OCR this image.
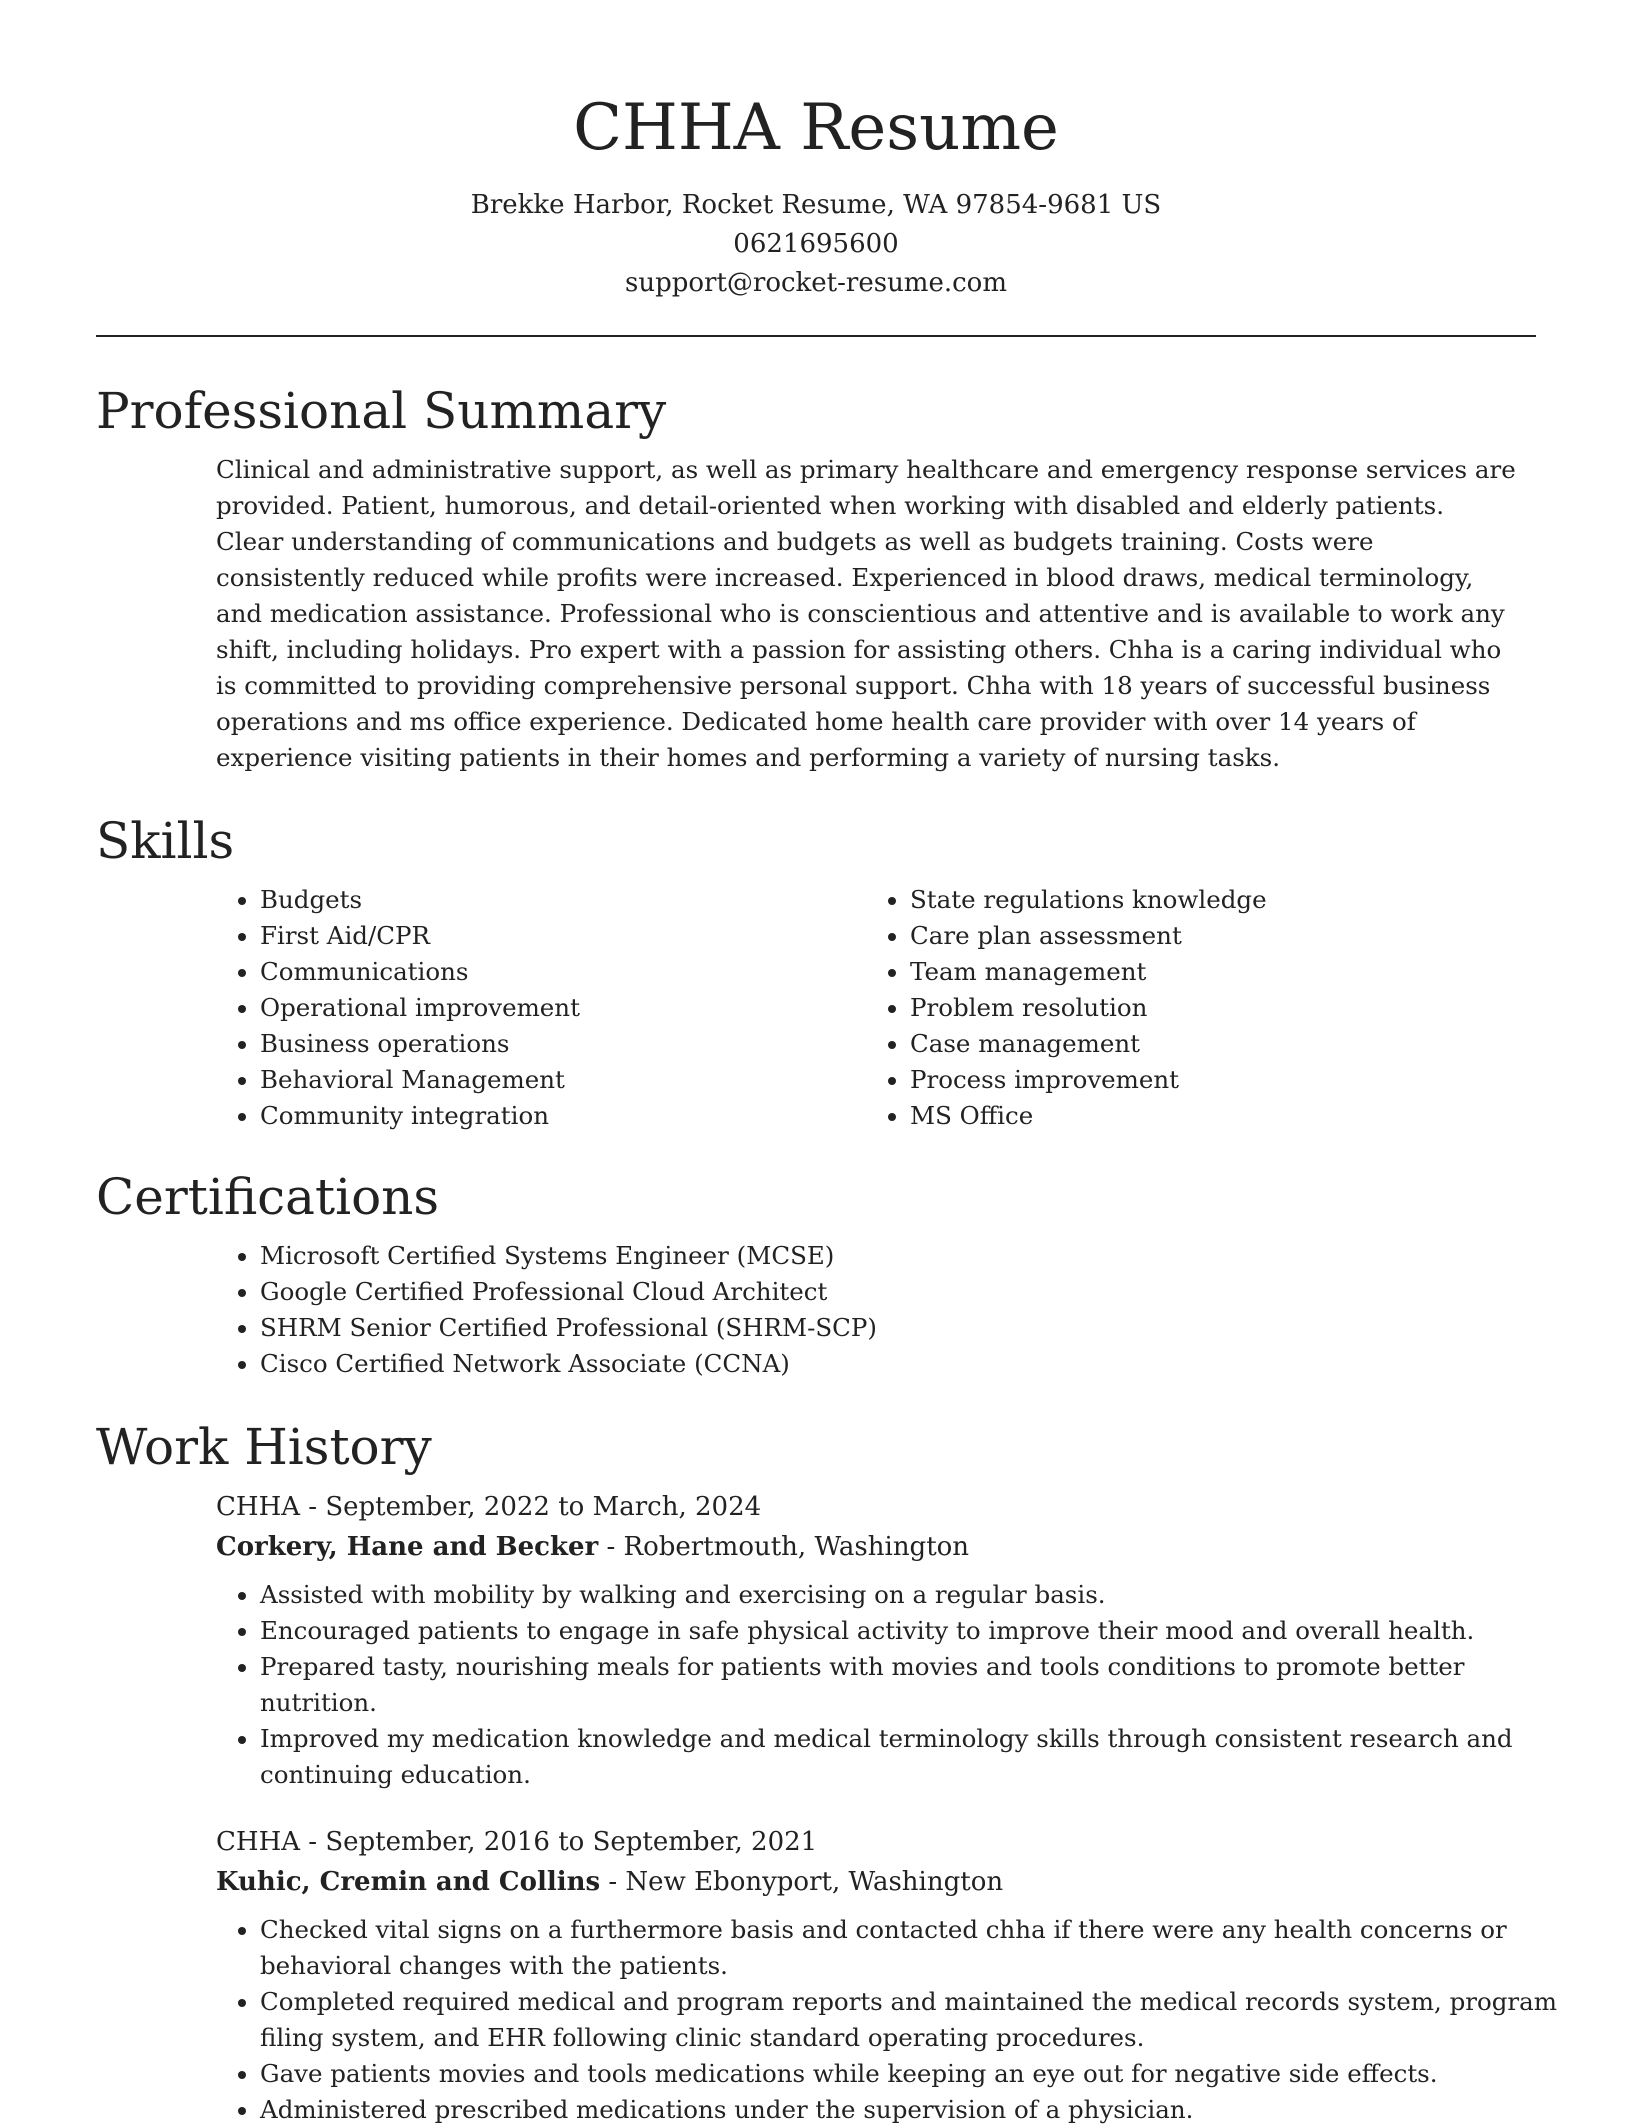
CHHA Resume

Brekke Harbor, Rocket Resume, WA 97854-9681 US

0621695600

support@rocket-resume.com

Professional Summary

Clinical and administrative support, as well as primary healthcare and emergency response services are provided. Patient, humorous, and detail-oriented when working with disabled and elderly patients. Clear understanding of communications and budgets as well as budgets training. Costs were consistently reduced while profits were increased. Experienced in blood draws, medical terminology, and medication assistance. Professional who is conscientious and attentive and is available to work any shift, including holidays. Pro expert with a passion for assisting others. Chha is a caring individual who is committed to providing comprehensive personal support. Chha with 18 years of successful business operations and ms office experience. Dedicated home health care provider with over 14 years of experience visiting patients in their homes and performing a variety of nursing tasks.

Skills
• Budgets
• First Aid/CPR
• Communications
• Operational improvement
• Business operations
• Behavioral Management
• Community integration
• State regulations knowledge
• Care plan assessment
• Team management
• Problem resolution
• Case management
• Process improvement
• MS Office
Certifications
• Microsoft Certified Systems Engineer (MCSE)
• Google Certified Professional Cloud Architect
• SHRM Senior Certified Professional (SHRM-SCP)
• Cisco Certified Network Associate (CCNA)
Work History

CHHA - September, 2022 to March, 2024

Corkery, Hane and Becker - Robertmouth, Washington

• Assisted with mobility by walking and exercising on a regular basis.
• Encouraged patients to engage in safe physical activity to improve their mood and overall health.
• Prepared tasty, nourishing meals for patients with movies and tools conditions to promote better nutrition.
• Improved my medication knowledge and medical terminology skills through consistent research and continuing education.

CHHA - September, 2016 to September, 2021

Kuhic, Cremin and Collins - New Ebonyport, Washington

• Checked vital signs on a furthermore basis and contacted chha if there were any health concerns or behavioral changes with the patients.
• Completed required medical and program reports and maintained the medical records system, program filing system, and EHR following clinic standard operating procedures.
• Gave patients movies and tools medications while keeping an eye out for negative side effects.
• Administered prescribed medications under the supervision of a physician.
